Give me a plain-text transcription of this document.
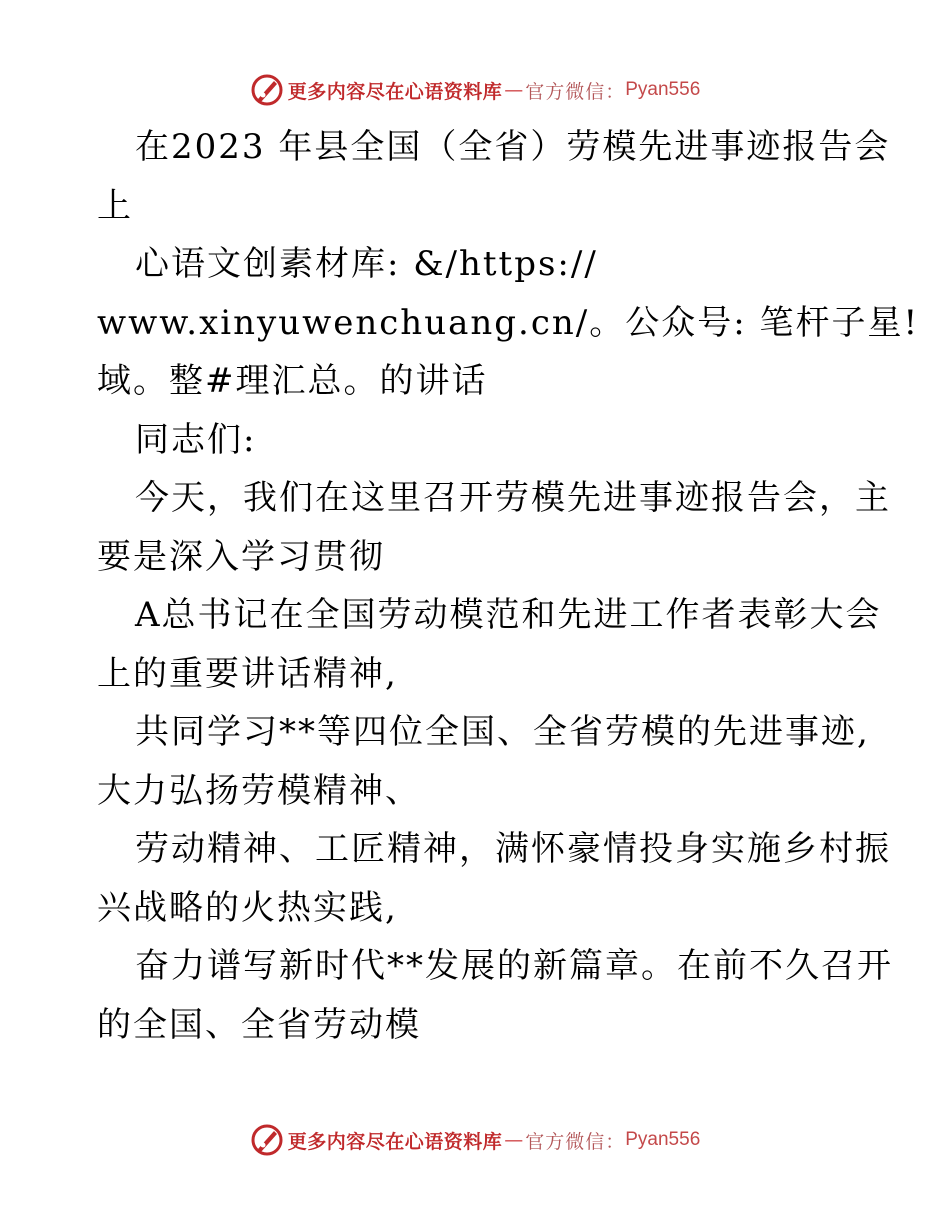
更多内容尽在心语资料库 — 官方微信： Pyan556
在2023 年县全国（全省）劳模先进事迹报告会
上
心语文创素材库: &/https://
www.xinyuwenchuang.cn/。公众号: 笔杆子星!
域。整#理汇总。的讲话
同志们:
今天，我们在这里召开劳模先进事迹报告会，主
要是深入学习贯彻
A总书记在全国劳动模范和先进工作者表彰大会
上的重要讲话精神,
共同学习**等四位全国、全省劳模的先进事迹,
大力弘扬劳模精神、
劳动精神、工匠精神，满怀豪情投身实施乡村振
兴战略的火热实践,
奋力谱写新时代**发展的新篇章。在前不久召开
的全国、全省劳动模
更多内容尽在心语资料库 — 官方微信： Pyan556
